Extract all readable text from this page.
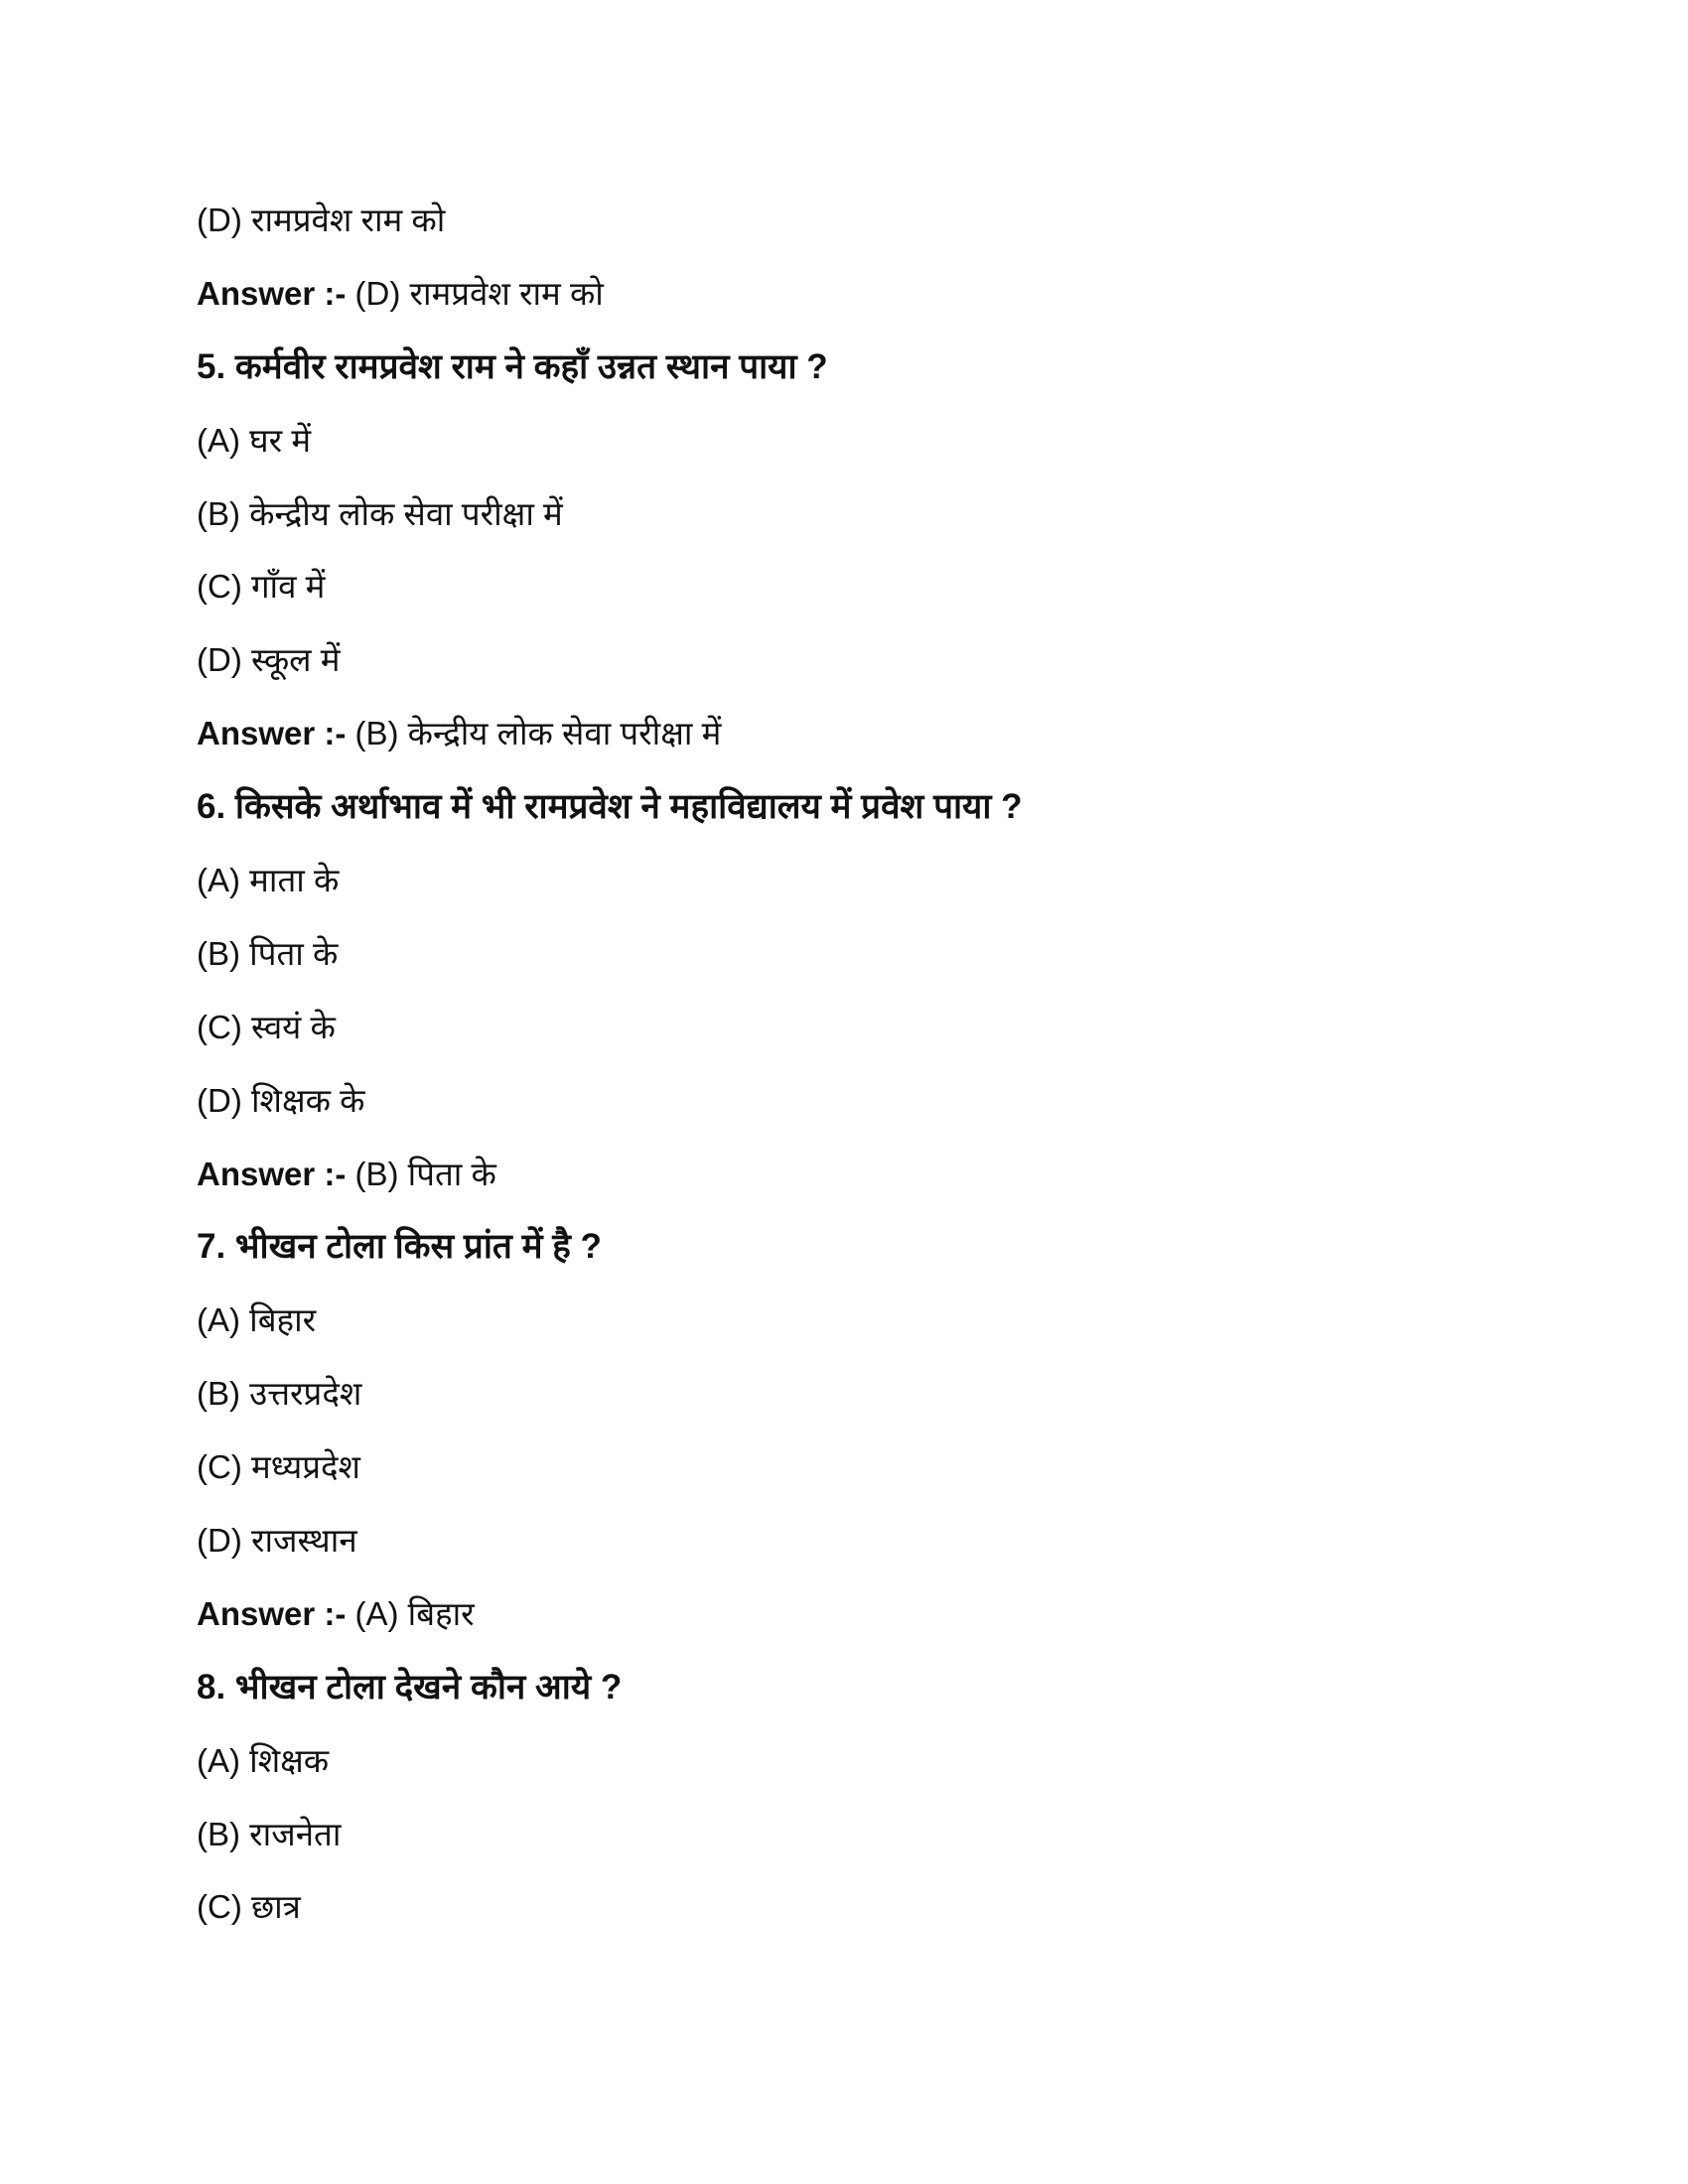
(D) रामप्रवेश राम को
Answer :- (D) रामप्रवेश राम को
5. कर्मवीर रामप्रवेश राम ने कहाँ उन्नत स्थान पाया ?
(A) घर में
(B) केन्द्रीय लोक सेवा परीक्षा में
(C) गाँव में
(D) स्कूल में
Answer :- (B) केन्द्रीय लोक सेवा परीक्षा में
6. किसके अर्थाभाव में भी रामप्रवेश ने महाविद्यालय में प्रवेश पाया ?
(A) माता के
(B) पिता के
(C) स्वयं के
(D) शिक्षक के
Answer :- (B) पिता के
7. भीखन टोला किस प्रांत में है ?
(A) बिहार
(B) उत्तरप्रदेश
(C) मध्यप्रदेश
(D) राजस्थान
Answer :- (A) बिहार
8. भीखन टोला देखने कौन आये ?
(A) शिक्षक
(B) राजनेता
(C) छात्र
